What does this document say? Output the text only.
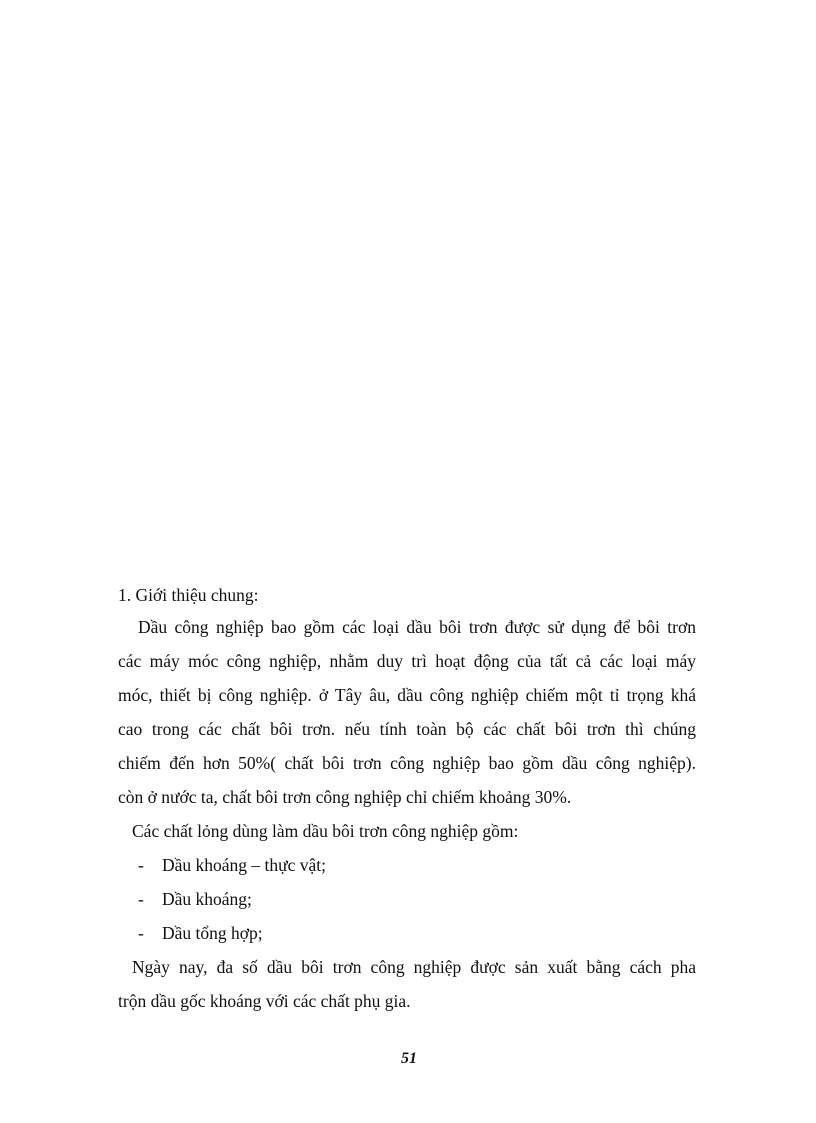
1. Giới thiệu chung:
Dầu công nghiệp bao gồm các loại dầu bôi trơn được sử dụng để bôi trơn
các máy móc công nghiệp, nhằm duy trì hoạt động của tất cả các loại máy
móc, thiết bị công nghiệp. ở Tây âu, dầu công nghiệp chiếm một tỉ trọng khá
cao trong các chất bôi trơn. nếu tính toàn bộ các chất bôi trơn thì chúng
chiếm đến hơn 50%( chất bôi trơn công nghiệp bao gồm dầu công nghiệp).
còn ở nước ta, chất bôi trơn công nghiệp chỉ chiếm khoảng 30%.
Các chất lỏng dùng làm dầu bôi trơn công nghiệp gồm:
- Dầu khoáng – thực vật;
- Dầu khoáng;
- Dầu tổng hợp;
Ngày nay, đa số dầu bôi trơn công nghiệp được sản xuất bằng cách pha
trộn dầu gốc khoáng với các chất phụ gia.
51
